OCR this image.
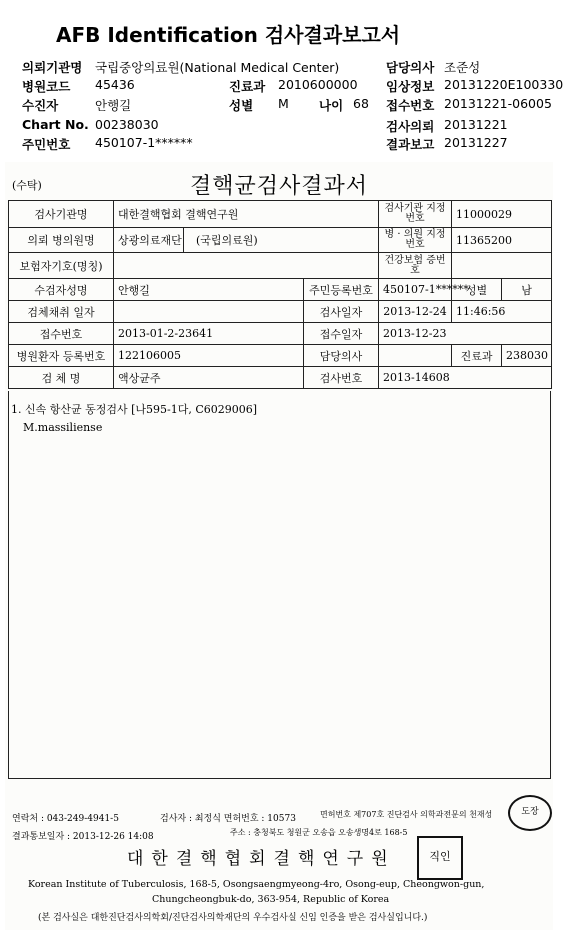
AFB Identification 검사결과보고서
의뢰기관명 국립중앙의료원(National Medical Center)	담당의사 조준성
병원코드 45436	진료과 2010600000 임상정보 20131220E100330
수진자	안행길	성별 M 나이 68 접수번호 20131221-06005
Chart No. 00238030	검사의뢰 20131221
주민번호 450107-1******	결과보고 20131227
(수탁)	결핵균검사결과서
검사기관명	대한결핵협회 결핵연구원			검사기관 지정번호	11000029	
의뢰 병의원명	상광의료재단	(국립의료원)		병 · 의원 지정번호	11365200	
보험자기호(명칭)				건강보험 증번호		
수검자성명	안행길		주민등록번호	450107-1******	성별	남
검체채취 일자			검사일자	2013-12-24	11:46:56	
접수번호	2013-01-2-23641		접수일자	2013-12-23		
병원환자 등록번호	122106005		담당의사		진료과	238030
검 체 명	액상균주		검사번호	2013-14608		
1. 신속 항산균 동정검사 [나595-1다, C6029006]
M.massiliense
연락처 : 043-249-4941-5	검사자 : 최정식 면허번호 : 10573	면허번호 제707호 진단검사 의학과전문의 천재성
결과통보일자 : 2013-12-26 14:08	주소 : 충청북도 청원군 오송읍 오송생명4로 168-5
대한결핵협회결핵연구원
Korean Institute of Tuberculosis, 168-5, Osongsaengmyeong-4ro, Osong-eup, Cheongwon-gun,
Chungcheongbuk-do, 363-954, Republic of Korea
(본 검사실은 대한진단검사의학회/진단검사의학재단의 우수검사실 신임 인증을 받은 검사실입니다.)
도장
직인
